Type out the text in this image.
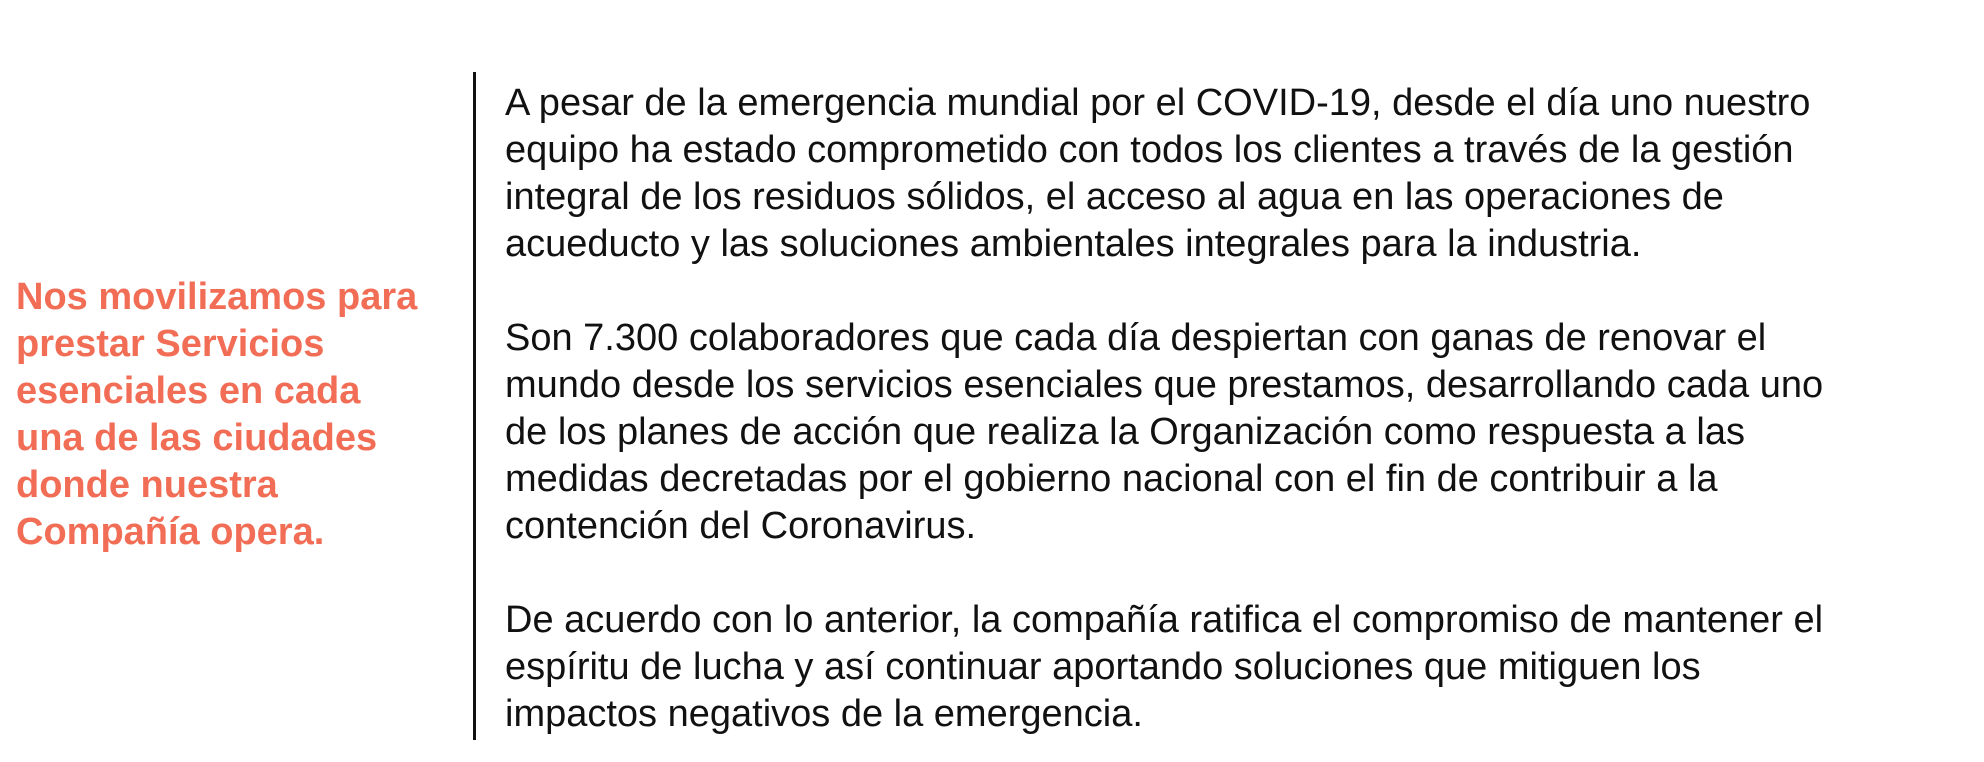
Nos movilizamos para
prestar Servicios
esenciales en cada
una de las ciudades
donde nuestra
Compañía opera.

A pesar de la emergencia mundial por el COVID-19, desde el día uno nuestro
equipo ha estado comprometido con todos los clientes a través de la gestión
integral de los residuos sólidos, el acceso al agua en las operaciones de
acueducto y las soluciones ambientales integrales para la industria.

Son 7.300 colaboradores que cada día despiertan con ganas de renovar el
mundo desde los servicios esenciales que prestamos, desarrollando cada uno
de los planes de acción que realiza la Organización como respuesta a las
medidas decretadas por el gobierno nacional con el fin de contribuir a la
contención del Coronavirus.

De acuerdo con lo anterior, la compañía ratifica el compromiso de mantener el
espíritu de lucha y así continuar aportando soluciones que mitiguen los
impactos negativos de la emergencia.
